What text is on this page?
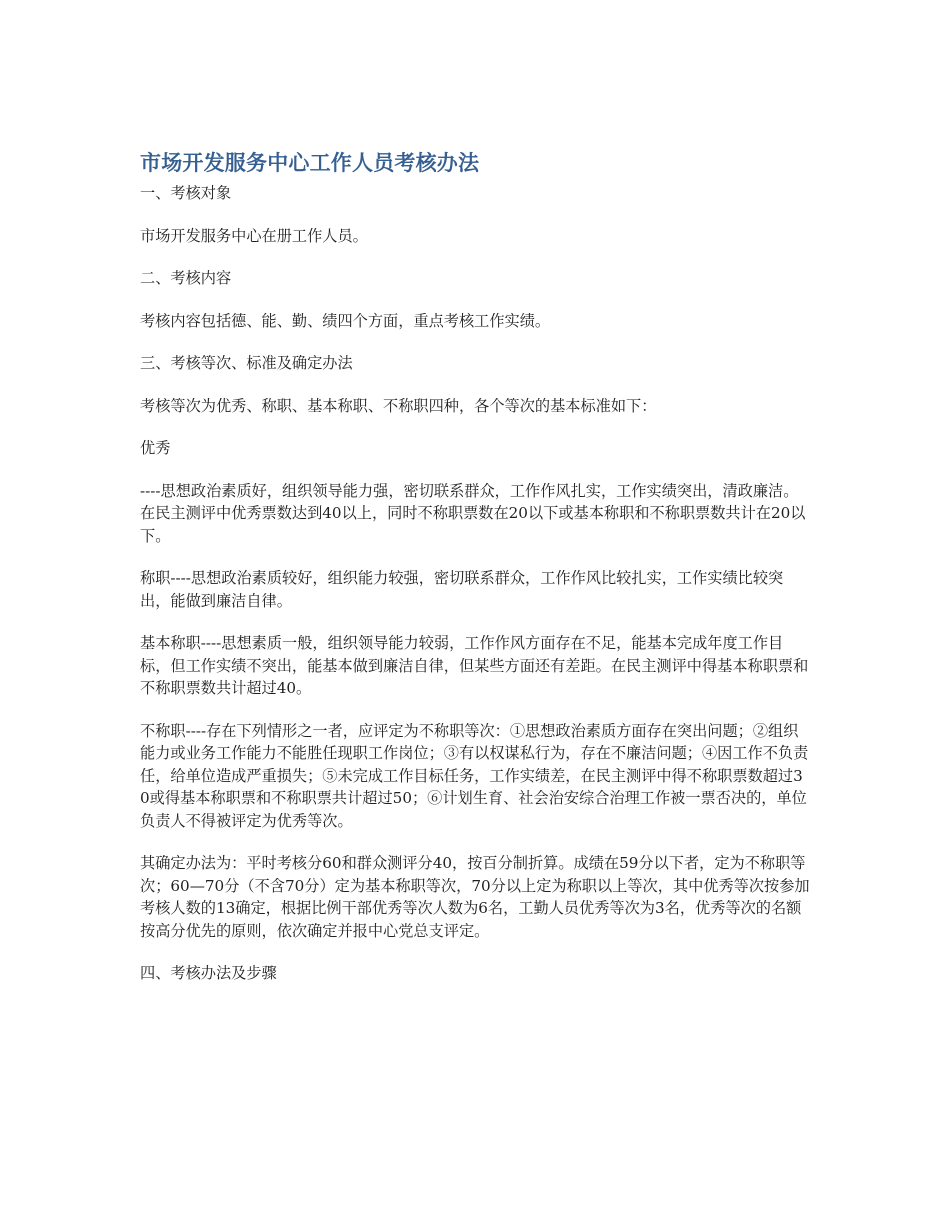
市场开发服务中心工作人员考核办法

一、考核对象

市场开发服务中心在册工作人员。

二、考核内容

考核内容包括德、能、勤、绩四个方面，重点考核工作实绩。

三、考核等次、标准及确定办法

考核等次为优秀、称职、基本称职、不称职四种，各个等次的基本标准如下：

优秀

----思想政治素质好，组织领导能力强，密切联系群众，工作作风扎实，工作实绩突出，清政廉洁。在民主测评中优秀票数达到40以上，同时不称职票数在20以下或基本称职和不称职票数共计在20以下。

称职----思想政治素质较好，组织能力较强，密切联系群众，工作作风比较扎实，工作实绩比较突出，能做到廉洁自律。

基本称职----思想素质一般，组织领导能力较弱，工作作风方面存在不足，能基本完成年度工作目标，但工作实绩不突出，能基本做到廉洁自律，但某些方面还有差距。在民主测评中得基本称职票和不称职票数共计超过40。

不称职----存在下列情形之一者，应评定为不称职等次：①思想政治素质方面存在突出问题；②组织能力或业务工作能力不能胜任现职工作岗位；③有以权谋私行为，存在不廉洁问题；④因工作不负责任，给单位造成严重损失；⑤未完成工作目标任务，工作实绩差，在民主测评中得不称职票数超过30或得基本称职票和不称职票共计超过50；⑥计划生育、社会治安综合治理工作被一票否决的，单位负责人不得被评定为优秀等次。

其确定办法为：平时考核分60和群众测评分40，按百分制折算。成绩在59分以下者，定为不称职等次；60—70分（不含70分）定为基本称职等次，70分以上定为称职以上等次，其中优秀等次按参加考核人数的13确定，根据比例干部优秀等次人数为6名，工勤人员优秀等次为3名，优秀等次的名额按高分优先的原则，依次确定并报中心党总支评定。

四、考核办法及步骤
